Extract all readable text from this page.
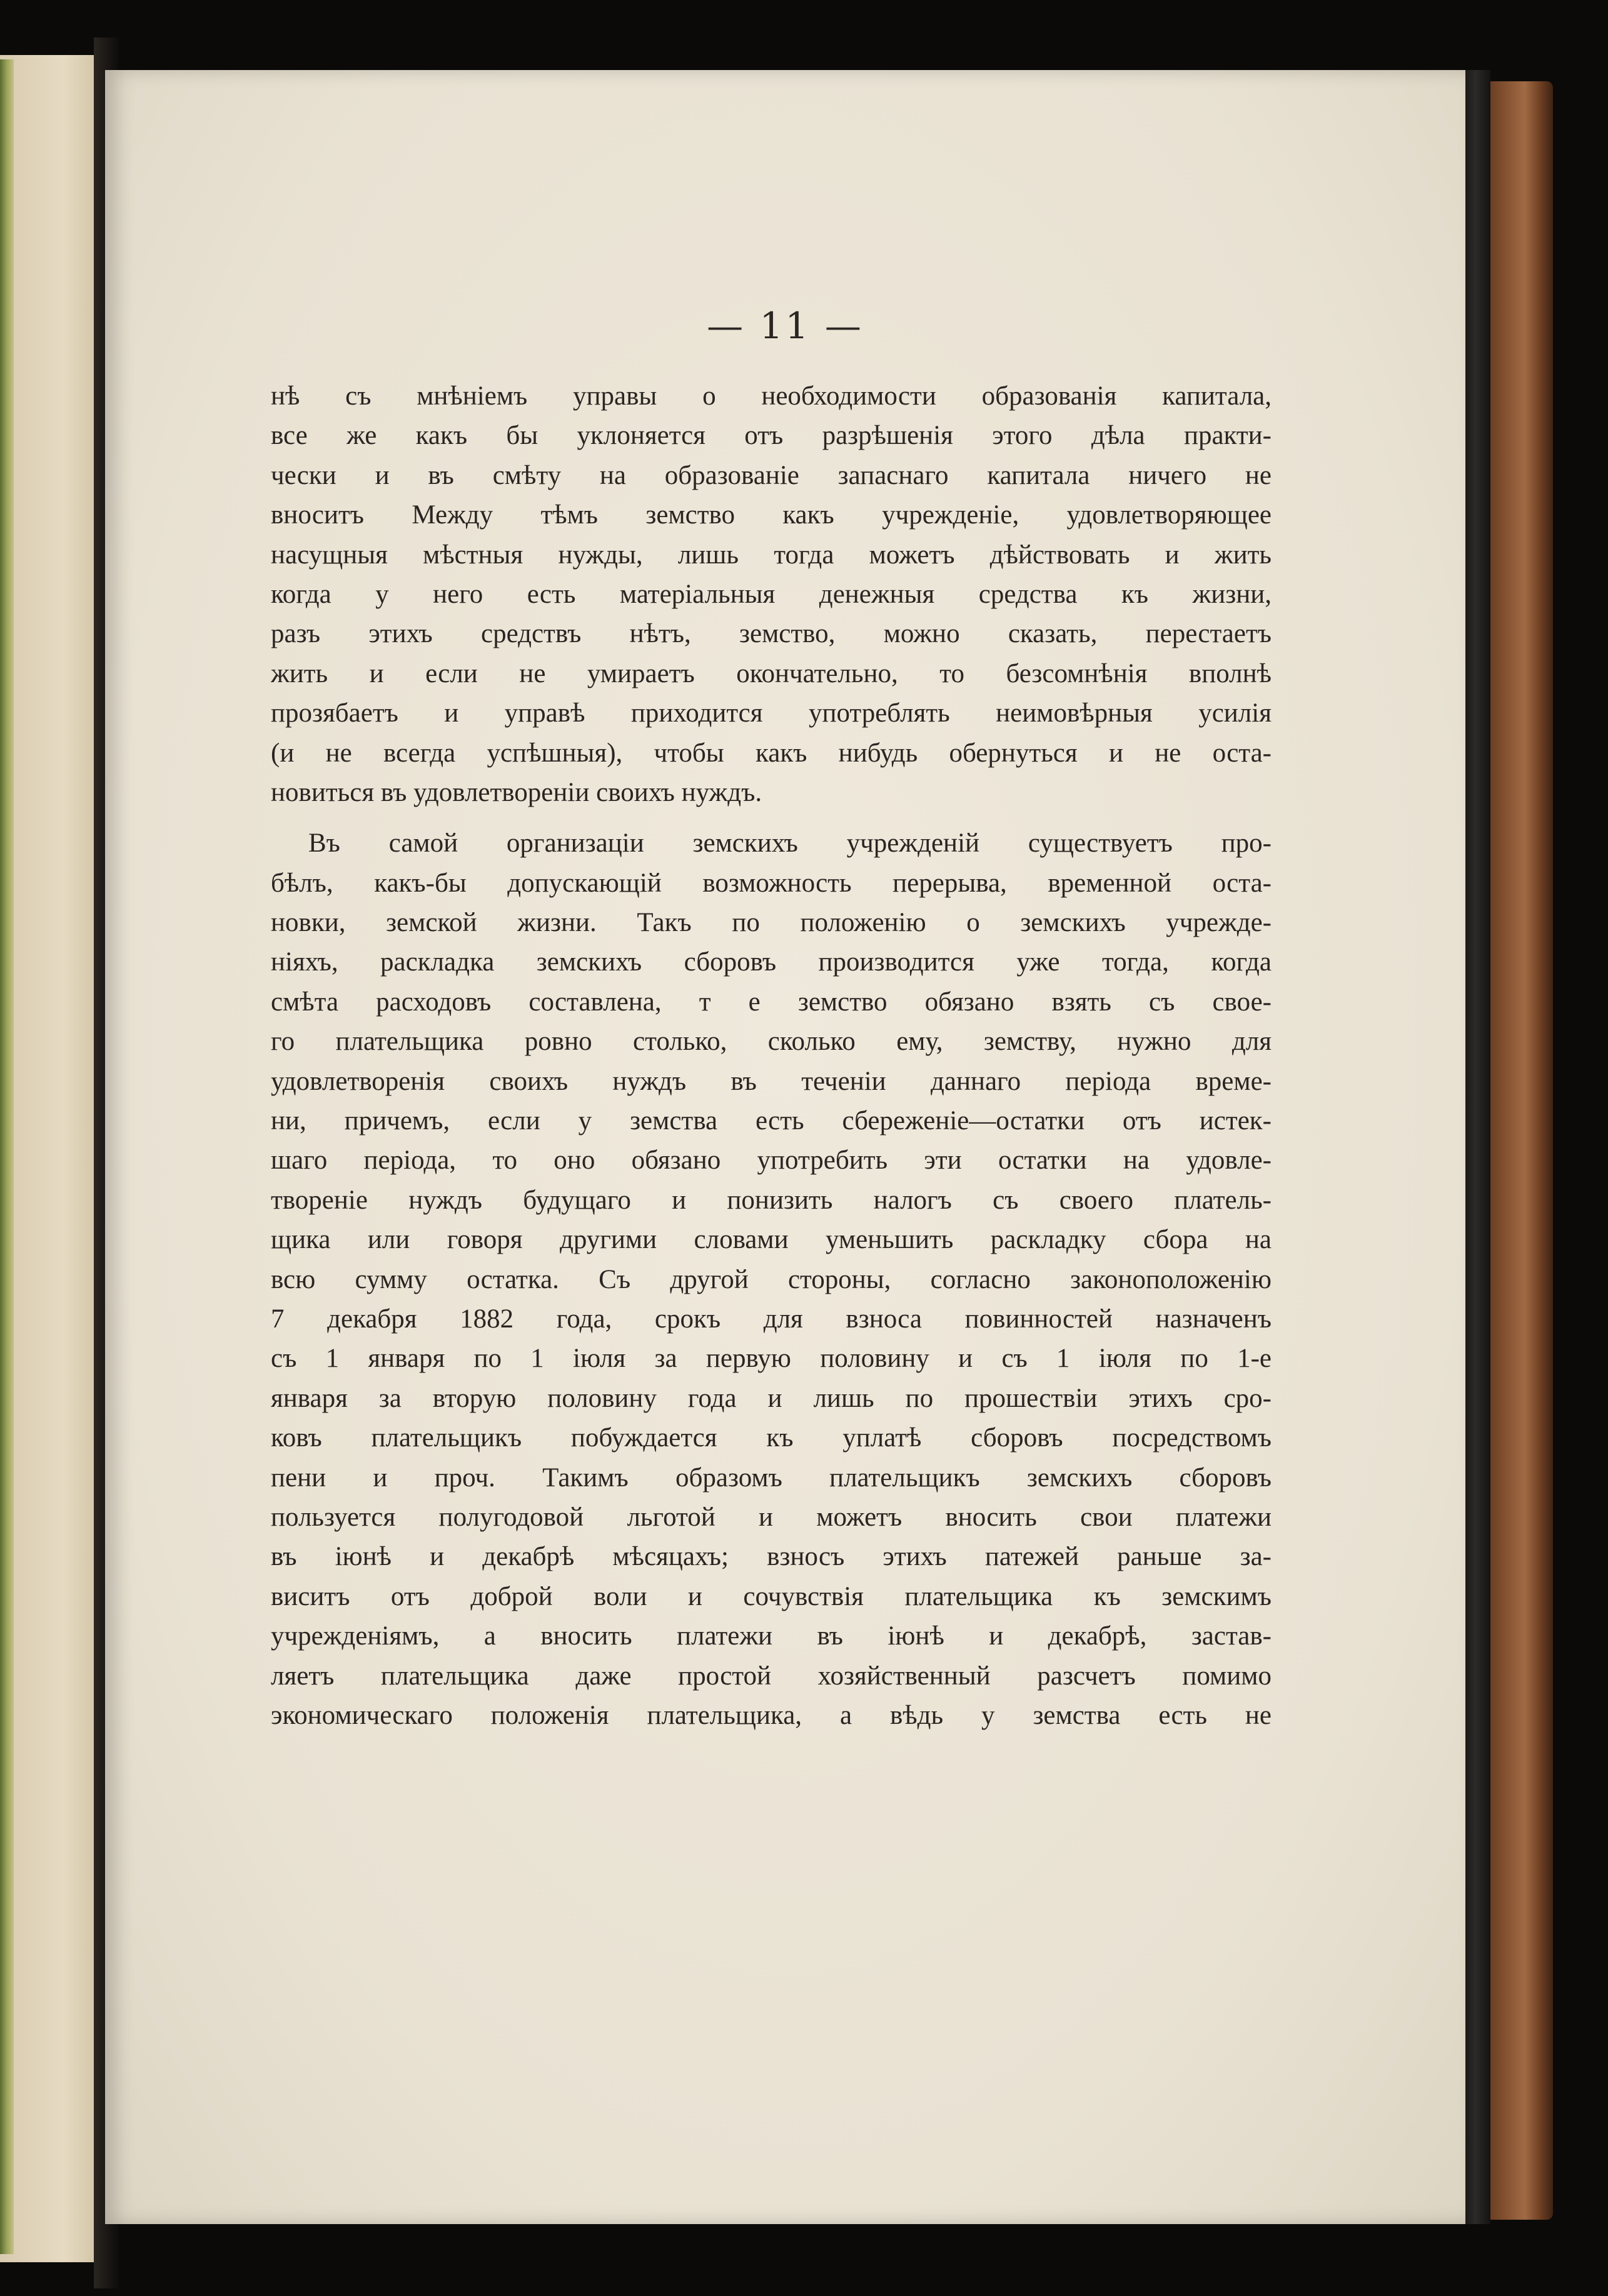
— 11 —
нѣ съ мнѣніемъ управы о необходимости образованія капитала,
все же какъ бы уклоняется отъ разрѣшенія этого дѣла практи-
чески и въ смѣту на образованіе запаснаго капитала ничего не
вноситъ Между тѣмъ земство какъ учрежденіе, удовлетворяющее
насущныя мѣстныя нужды, лишь тогда можетъ дѣйствовать и жить
когда у него есть матеріальныя денежныя средства къ жизни,
разъ этихъ средствъ нѣтъ, земство, можно сказать, перестаетъ
жить и если не умираетъ окончательно, то безсомнѣнія вполнѣ
прозябаетъ и управѣ приходится употреблять неимовѣрныя усилія
(и не всегда успѣшныя), чтобы какъ нибудь обернуться и не оста-
новиться въ удовлетвореніи своихъ нуждъ.
Въ самой организаціи земскихъ учрежденій существуетъ про-
бѣлъ, какъ-бы допускающій возможность перерыва, временной оста-
новки, земской жизни. Такъ по положенію о земскихъ учрежде-
ніяхъ, раскладка земскихъ сборовъ производится уже тогда, когда
смѣта расходовъ составлена, т е земство обязано взять съ свое-
го плательщика ровно столько, сколько ему, земству, нужно для
удовлетворенія своихъ нуждъ въ теченіи даннаго періода време-
ни, причемъ, если у земства есть сбереженіе—остатки отъ истек-
шаго періода, то оно обязано употребить эти остатки на удовле-
твореніе нуждъ будущаго и понизить налогъ съ своего платель-
щика или говоря другими словами уменьшить раскладку сбора на
всю сумму остатка. Съ другой стороны, согласно законоположенію
7 декабря 1882 года, срокъ для взноса повинностей назначенъ
съ 1 января по 1 іюля за первую половину и съ 1 іюля по 1-е
января за вторую половину года и лишь по прошествіи этихъ сро-
ковъ плательщикъ побуждается къ уплатѣ сборовъ посредствомъ
пени и проч. Такимъ образомъ плательщикъ земскихъ сборовъ
пользуется полугодовой льготой и можетъ вносить свои платежи
въ іюнѣ и декабрѣ мѣсяцахъ; взносъ этихъ патежей раньше за-
виситъ отъ доброй воли и сочувствія плательщика къ земскимъ
учрежденіямъ, а вносить платежи въ іюнѣ и декабрѣ, застав-
ляетъ плательщика даже простой хозяйственный разсчетъ помимо
экономическаго положенія плательщика, а вѣдь у земства есть не
